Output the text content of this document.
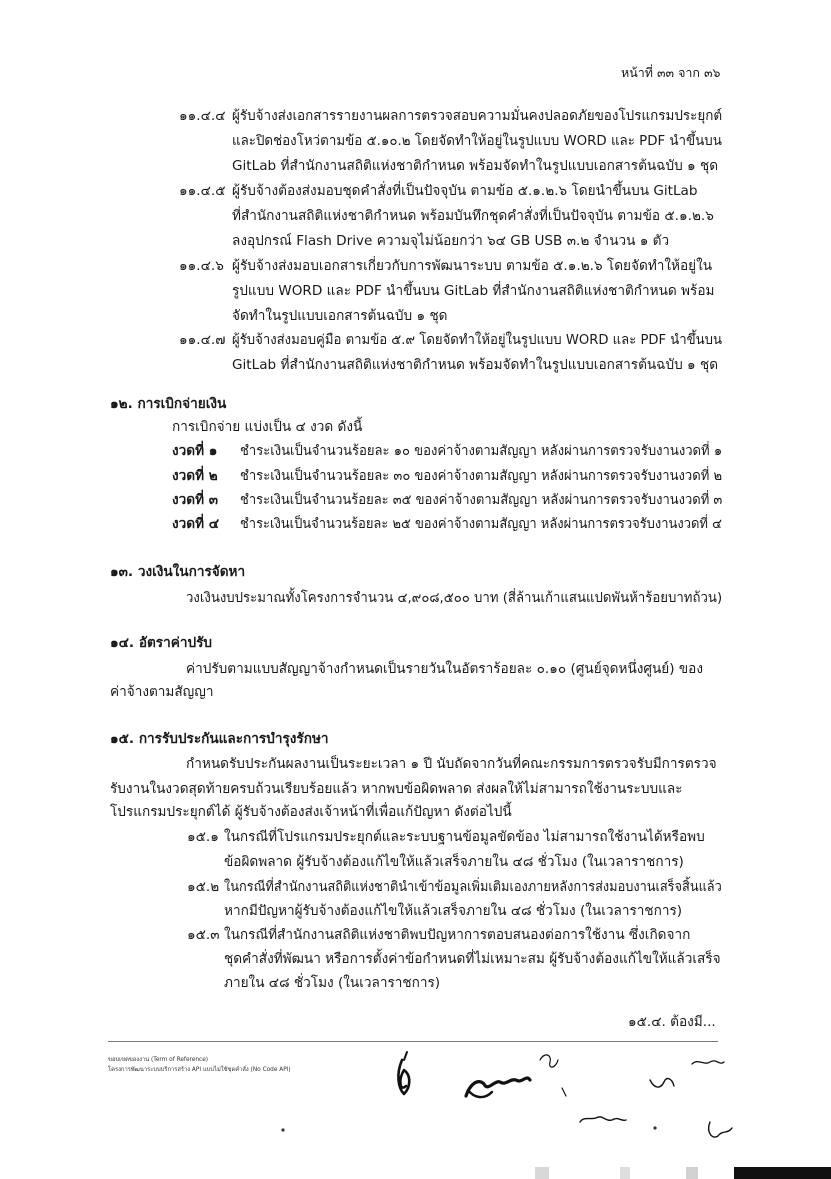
หน้าที่ ๓๓ จาก ๓๖
๑๑.๔.๔ ผู้รับจ้างส่งเอกสารรายงานผลการตรวจสอบความมั่นคงปลอดภัยของโปรแกรมประยุกต์
และปิดช่องโหว่ตามข้อ ๕.๑๐.๒ โดยจัดทำให้อยู่ในรูปแบบ WORD และ PDF นำขึ้นบน
GitLab ที่สำนักงานสถิติแห่งชาติกำหนด พร้อมจัดทำในรูปแบบเอกสารต้นฉบับ ๑ ชุด
๑๑.๔.๕ ผู้รับจ้างต้องส่งมอบชุดคำสั่งที่เป็นปัจจุบัน ตามข้อ ๕.๑.๒.๖ โดยนำขึ้นบน GitLab
ที่สำนักงานสถิติแห่งชาติกำหนด พร้อมบันทึกชุดคำสั่งที่เป็นปัจจุบัน ตามข้อ ๕.๑.๒.๖
ลงอุปกรณ์ Flash Drive ความจุไม่น้อยกว่า ๖๔ GB USB ๓.๒ จำนวน ๑ ตัว
๑๑.๔.๖ ผู้รับจ้างส่งมอบเอกสารเกี่ยวกับการพัฒนาระบบ ตามข้อ ๕.๑.๒.๖ โดยจัดทำให้อยู่ใน
รูปแบบ WORD และ PDF นำขึ้นบน GitLab ที่สำนักงานสถิติแห่งชาติกำหนด พร้อม
จัดทำในรูปแบบเอกสารต้นฉบับ ๑ ชุด
๑๑.๔.๗ ผู้รับจ้างส่งมอบคู่มือ ตามข้อ ๕.๙ โดยจัดทำให้อยู่ในรูปแบบ WORD และ PDF นำขึ้นบน
GitLab ที่สำนักงานสถิติแห่งชาติกำหนด พร้อมจัดทำในรูปแบบเอกสารต้นฉบับ ๑ ชุด
๑๒. การเบิกจ่ายเงิน
การเบิกจ่าย แบ่งเป็น ๔ งวด ดังนี้
งวดที่ ๑ ชำระเงินเป็นจำนวนร้อยละ ๑๐ ของค่าจ้างตามสัญญา หลังผ่านการตรวจรับงานงวดที่ ๑
งวดที่ ๒ ชำระเงินเป็นจำนวนร้อยละ ๓๐ ของค่าจ้างตามสัญญา หลังผ่านการตรวจรับงานงวดที่ ๒
งวดที่ ๓ ชำระเงินเป็นจำนวนร้อยละ ๓๕ ของค่าจ้างตามสัญญา หลังผ่านการตรวจรับงานงวดที่ ๓
งวดที่ ๔ ชำระเงินเป็นจำนวนร้อยละ ๒๕ ของค่าจ้างตามสัญญา หลังผ่านการตรวจรับงานงวดที่ ๔
๑๓. วงเงินในการจัดหา
วงเงินงบประมาณทั้งโครงการจำนวน ๔,๙๐๘,๕๐๐ บาท (สี่ล้านเก้าแสนแปดพันห้าร้อยบาทถ้วน)
๑๔. อัตราค่าปรับ
ค่าปรับตามแบบสัญญาจ้างกำหนดเป็นรายวันในอัตราร้อยละ ๐.๑๐ (ศูนย์จุดหนึ่งศูนย์) ของ
ค่าจ้างตามสัญญา
๑๕. การรับประกันและการบำรุงรักษา
กำหนดรับประกันผลงานเป็นระยะเวลา ๑ ปี นับถัดจากวันที่คณะกรรมการตรวจรับมีการตรวจ
รับงานในงวดสุดท้ายครบถ้วนเรียบร้อยแล้ว หากพบข้อผิดพลาด ส่งผลให้ไม่สามารถใช้งานระบบและ
โปรแกรมประยุกต์ได้ ผู้รับจ้างต้องส่งเจ้าหน้าที่เพื่อแก้ปัญหา ดังต่อไปนี้
๑๕.๑ ในกรณีที่โปรแกรมประยุกต์และระบบฐานข้อมูลขัดข้อง ไม่สามารถใช้งานได้หรือพบ
ข้อผิดพลาด ผู้รับจ้างต้องแก้ไขให้แล้วเสร็จภายใน ๔๘ ชั่วโมง (ในเวลาราชการ)
๑๕.๒ ในกรณีที่สำนักงานสถิติแห่งชาตินำเข้าข้อมูลเพิ่มเติมเองภายหลังการส่งมอบงานเสร็จสิ้นแล้ว
หากมีปัญหาผู้รับจ้างต้องแก้ไขให้แล้วเสร็จภายใน ๔๘ ชั่วโมง (ในเวลาราชการ)
๑๕.๓ ในกรณีที่สำนักงานสถิติแห่งชาติพบปัญหาการตอบสนองต่อการใช้งาน ซึ่งเกิดจาก
ชุดคำสั่งที่พัฒนา หรือการตั้งค่าข้อกำหนดที่ไม่เหมาะสม ผู้รับจ้างต้องแก้ไขให้แล้วเสร็จ
ภายใน ๔๘ ชั่วโมง (ในเวลาราชการ)
๑๕.๔. ต้องมี...
ขอบเขตของงาน (Term of Reference)
โครงการพัฒนาระบบบริการสร้าง API แบบไม่ใช้ชุดคำสั่ง (No Code API)
